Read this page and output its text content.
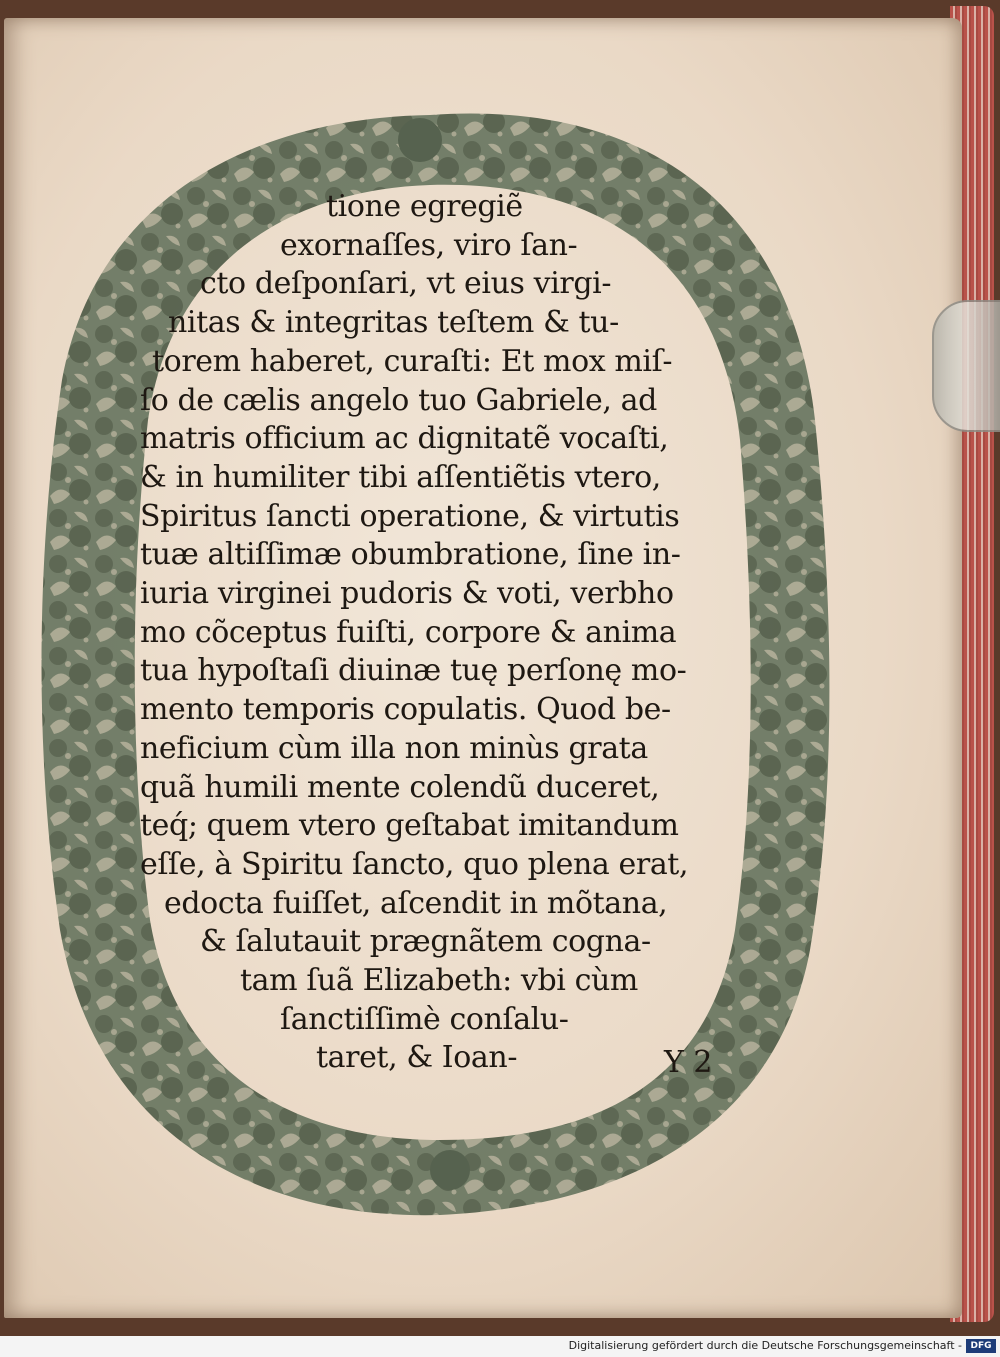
tione egregiẽ
exornaſſes, viro ſan-
cto deſponſari, vt eius virgi-
nitas & integritas teſtem & tu-
torem haberet, curaſti: Et mox miſ-
ſo de cælis angelo tuo Gabriele, ad
matris officium ac dignitatẽ vocaſti,
& in humiliter tibi aſſentiẽtis vtero,
Spiritus ſancti operatione, & virtutis
tuæ altiſſimæ obumbratione, ſine in-
iuria virginei pudoris & voti, verbho
mo cõceptus fuiſti, corpore & anima
tua hypoſtaſi diuinæ tuę perſonę mo-
mento temporis copulatis. Quod be-
neficium cùm illa non minùs grata
quã humili mente colendũ duceret,
teq́; quem vtero geſtabat imitandum
eſſe, à Spiritu ſancto, quo plena erat,
edocta fuiſſet, aſcendit in mõtana,
& ſalutauit prægnãtem cogna-
tam ſuã Elizabeth: vbi cùm
ſanctiſſimè conſalu-
taret, & Ioan-	Y 2
Digitalisierung gefördert durch die Deutsche Forschungsgemeinschaft - DFG
